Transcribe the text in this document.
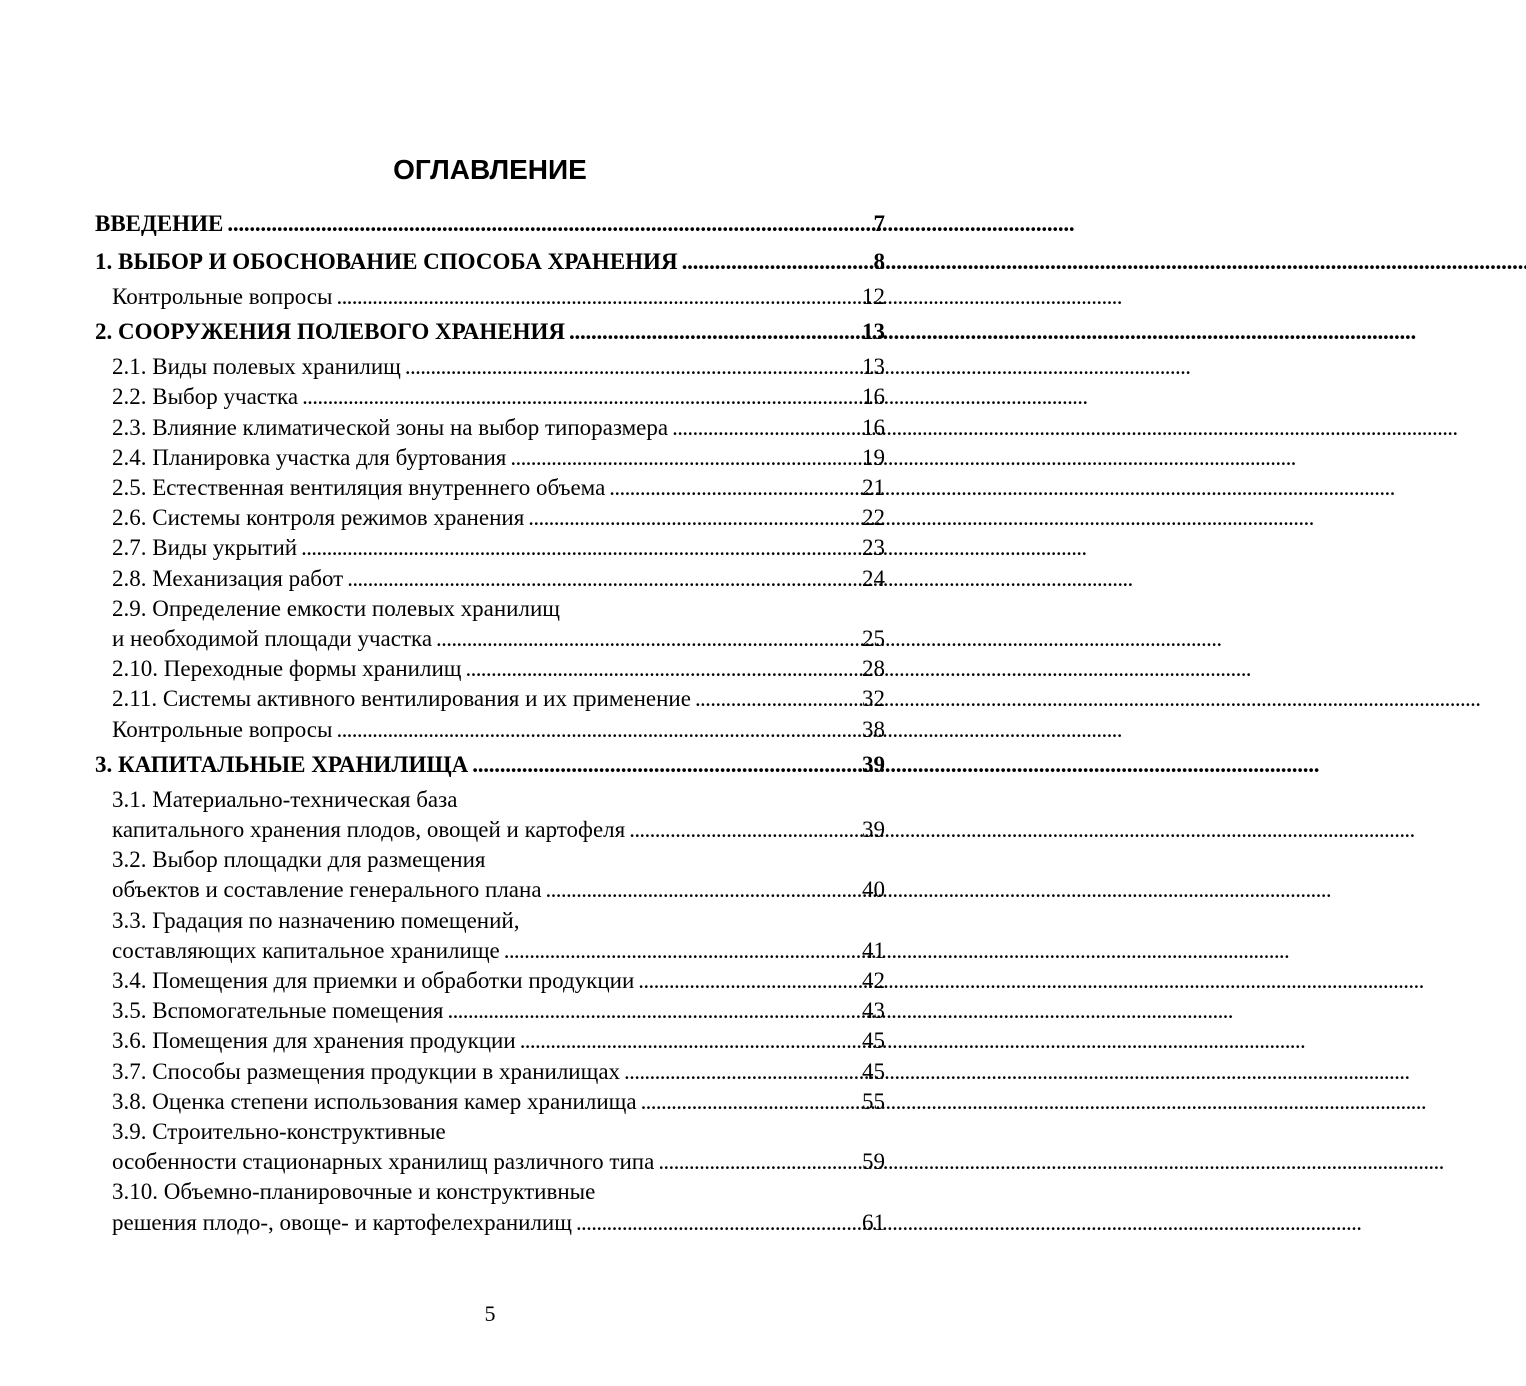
ОГЛАВЛЕНИЕ
ВВЕДЕНИЕ . . .	7
1. ВЫБОР И ОБОСНОВАНИЕ СПОСОБА ХРАНЕНИЯ . . .	8
Контрольные вопросы . . .	12
2. СООРУЖЕНИЯ ПОЛЕВОГО ХРАНЕНИЯ . . .	13
2.1. Виды полевых хранилищ . . .	13
2.2. Выбор участка . . .	16
2.3. Влияние климатической зоны на выбор типоразмера . . .	16
2.4. Планировка участка для буртования . . .	19
2.5. Естественная вентиляция внутреннего объема . . .	21
2.6. Системы контроля режимов хранения . . .	22
2.7. Виды укрытий . . .	23
2.8. Механизация работ . . .	24
2.9. Определение емкости полевых хранилищ
и необходимой площади участка . . .	25
2.10. Переходные формы хранилищ . . .	28
2.11. Системы активного вентилирования и их применение . . .	32
Контрольные вопросы . . .	38
3. КАПИТАЛЬНЫЕ ХРАНИЛИЩА . . .	39
3.1. Материально-техническая база
капитального хранения плодов, овощей и картофеля . . .	39
3.2. Выбор площадки для размещения
объектов и составление генерального плана . . .	40
3.3. Градация по назначению помещений,
составляющих капитальное хранилище . . .	41
3.4. Помещения для приемки и обработки продукции . . .	42
3.5. Вспомогательные помещения . . .	43
3.6. Помещения для хранения продукции . . .	45
3.7. Способы размещения продукции в хранилищах . . .	45
3.8. Оценка степени использования камер хранилища . . .	55
3.9. Строительно-конструктивные
особенности стационарных хранилищ различного типа . . .	59
3.10. Объемно-планировочные и конструктивные
решения плодо-, овоще- и картофелехранилищ . . .	61
5
